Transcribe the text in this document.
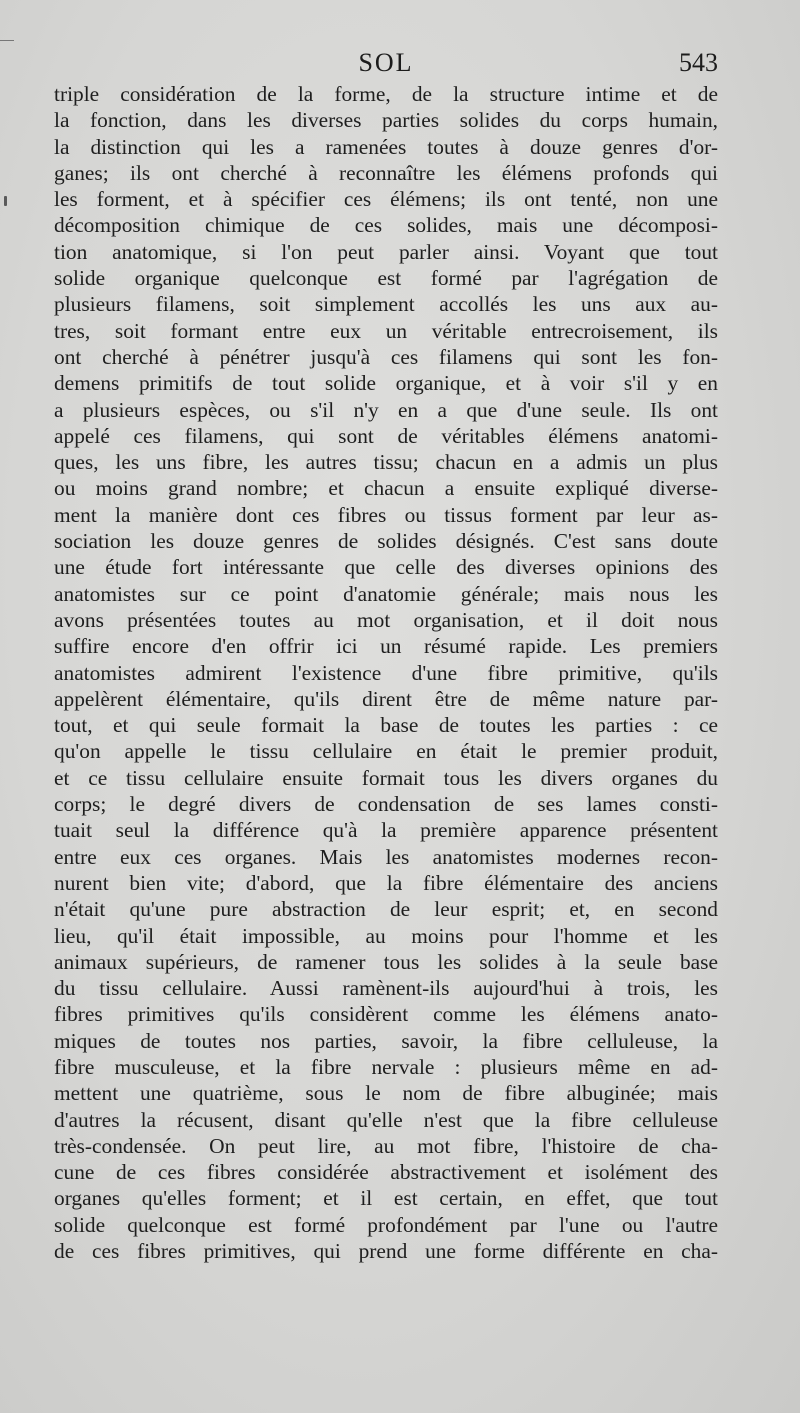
SOL	543
triple considération de la forme, de la structure intime et de
la fonction, dans les diverses parties solides du corps humain,
la distinction qui les a ramenées toutes à douze genres d'or-
ganes; ils ont cherché à reconnaître les élémens profonds qui
les forment, et à spécifier ces élémens; ils ont tenté, non une
décomposition chimique de ces solides, mais une décomposi-
tion anatomique, si l'on peut parler ainsi. Voyant que tout
solide organique quelconque est formé par l'agrégation de
plusieurs filamens, soit simplement accollés les uns aux au-
tres, soit formant entre eux un véritable entrecroisement, ils
ont cherché à pénétrer jusqu'à ces filamens qui sont les fon-
demens primitifs de tout solide organique, et à voir s'il y en
a plusieurs espèces, ou s'il n'y en a que d'une seule. Ils ont
appelé ces filamens, qui sont de véritables élémens anatomi-
ques, les uns fibre, les autres tissu; chacun en a admis un plus
ou moins grand nombre; et chacun a ensuite expliqué diverse-
ment la manière dont ces fibres ou tissus forment par leur as-
sociation les douze genres de solides désignés. C'est sans doute
une étude fort intéressante que celle des diverses opinions des
anatomistes sur ce point d'anatomie générale; mais nous les
avons présentées toutes au mot organisation, et il doit nous
suffire encore d'en offrir ici un résumé rapide. Les premiers
anatomistes admirent l'existence d'une fibre primitive, qu'ils
appelèrent élémentaire, qu'ils dirent être de même nature par-
tout, et qui seule formait la base de toutes les parties : ce
qu'on appelle le tissu cellulaire en était le premier produit,
et ce tissu cellulaire ensuite formait tous les divers organes du
corps; le degré divers de condensation de ses lames consti-
tuait seul la différence qu'à la première apparence présentent
entre eux ces organes. Mais les anatomistes modernes recon-
nurent bien vite; d'abord, que la fibre élémentaire des anciens
n'était qu'une pure abstraction de leur esprit; et, en second
lieu, qu'il était impossible, au moins pour l'homme et les
animaux supérieurs, de ramener tous les solides à la seule base
du tissu cellulaire. Aussi ramènent-ils aujourd'hui à trois, les
fibres primitives qu'ils considèrent comme les élémens anato-
miques de toutes nos parties, savoir, la fibre celluleuse, la
fibre musculeuse, et la fibre nervale : plusieurs même en ad-
mettent une quatrième, sous le nom de fibre albuginée; mais
d'autres la récusent, disant qu'elle n'est que la fibre celluleuse
très-condensée. On peut lire, au mot fibre, l'histoire de cha-
cune de ces fibres considérée abstractivement et isolément des
organes qu'elles forment; et il est certain, en effet, que tout
solide quelconque est formé profondément par l'une ou l'autre
de ces fibres primitives, qui prend une forme différente en cha-
